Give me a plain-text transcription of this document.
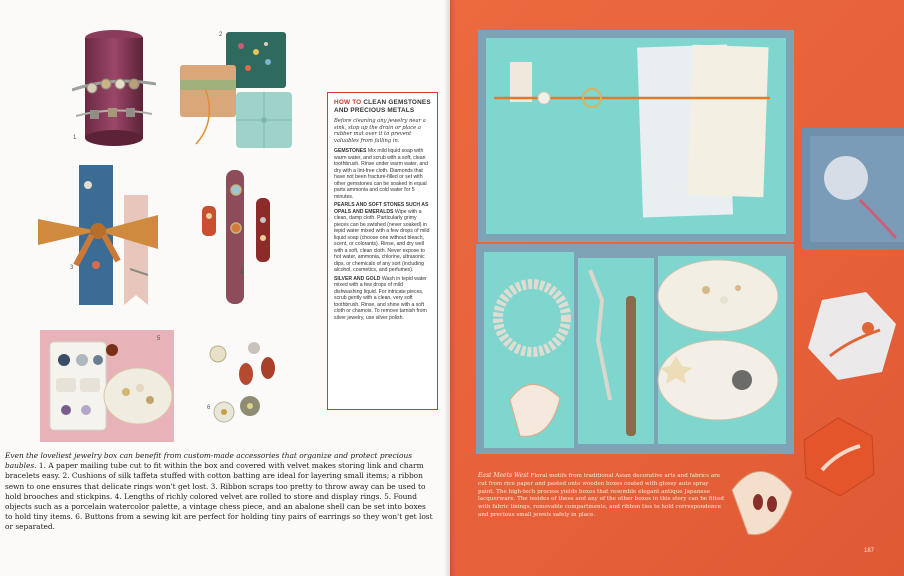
1
2
3
4
5
6
HOW TO CLEAN GEMSTONES AND PRECIOUS METALS

Before cleaning any jewelry near a sink, stop up the drain or place a rubber mat over it to prevent valuables from falling in.

GEMSTONES Mix mild liquid soap with warm water, and scrub with a soft, clean toothbrush. Rinse under warm water, and dry with a lint-free cloth. Diamonds that have not been fracture-filled or set with other gemstones can be soaked in equal parts ammonia and cold water for 5 minutes.

PEARLS AND SOFT STONES SUCH AS OPALS AND EMERALDS Wipe with a clean, damp cloth. Particularly grimy pieces can be swished (never soaked) in tepid water mixed with a few drops of mild liquid soap (choose one without bleach, scent, or colorants). Rinse, and dry well with a soft, clean cloth. Never expose to hot water, ammonia, chlorine, ultrasonic dips, or chemicals of any sort (including alcohol, cosmetics, and perfumes).

SILVER AND GOLD Wash in tepid water mixed with a few drops of mild dishwashing liquid. For intricate pieces, scrub gently with a clean, very soft toothbrush. Rinse, and shine with a soft cloth or chamois. To remove tarnish from silver jewelry, use silver polish.

Even the loveliest jewelry box can benefit from custom-made accessories that organize and protect precious baubles. 1. A paper mailing tube cut to fit within the box and covered with velvet makes storing link and charm bracelets easy. 2. Cushions of silk taffeta stuffed with cotton batting are ideal for layering small items; a ribbon sewn to one ensures that delicate rings won't get lost. 3. Ribbon scraps too pretty to throw away can be used to hold brooches and stickpins. 4. Lengths of richly colored velvet are rolled to store and display rings. 5. Found objects such as a porcelain watercolor palette, a vintage chess piece, and an abalone shell can be set into boxes to hold tiny items. 6. Buttons from a sewing kit are perfect for holding tiny pairs of earrings so they won't get lost or separated.
East Meets West Floral motifs from traditional Asian decorative arts and fabrics are cut from rice paper and pasted onto wooden boxes coated with glossy auto spray paint. The high-tech process yields boxes that resemble elegant antique Japanese lacquerware. The insides of these and any of the other boxes in this story can be fitted with fabric linings, removable compartments, and ribbon ties to hold correspondence and precious small jewels safely in place.
187
